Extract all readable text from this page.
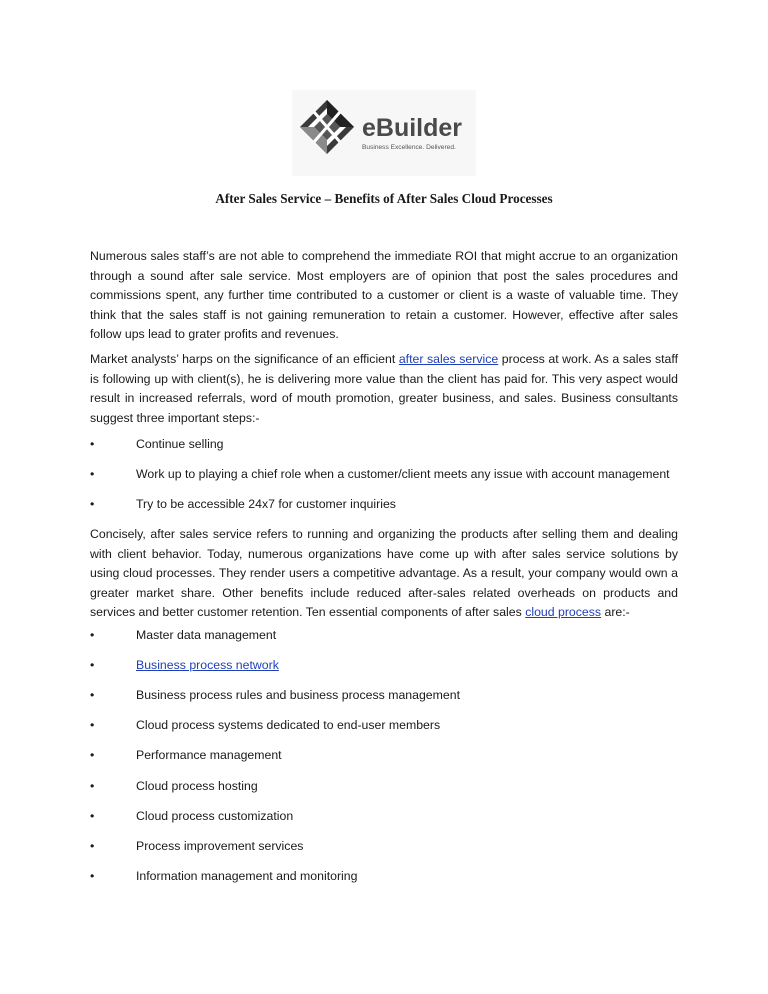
eBuilder
Business Excellence. Delivered.
After Sales Service – Benefits of After Sales Cloud Processes
Numerous sales staff’s are not able to comprehend the immediate ROI that might accrue to an organization through a sound after sale service. Most employers are of opinion that post the sales procedures and commissions spent, any further time contributed to a customer or client is a waste of valuable time. They think that the sales staff is not gaining remuneration to retain a customer. However, effective after sales follow ups lead to grater profits and revenues.
Market analysts’ harps on the significance of an efficient after sales service process at work. As a sales staff is following up with client(s), he is delivering more value than the client has paid for. This very aspect would result in increased referrals, word of mouth promotion, greater business, and sales. Business consultants suggest three important steps:-
•	Continue selling
•	Work up to playing a chief role when a customer/client meets any issue with account management
•	Try to be accessible 24x7 for customer inquiries
Concisely, after sales service refers to running and organizing the products after selling them and dealing with client behavior. Today, numerous organizations have come up with after sales service solutions by using cloud processes. They render users a competitive advantage. As a result, your company would own a greater market share. Other benefits include reduced after-sales related overheads on products and services and better customer retention. Ten essential components of after sales cloud process are:-
•	Master data management
•	Business process network
•	Business process rules and business process management
•	Cloud process systems dedicated to end-user members
•	Performance management
•	Cloud process hosting
•	Cloud process customization
•	Process improvement services
•	Information management and monitoring
